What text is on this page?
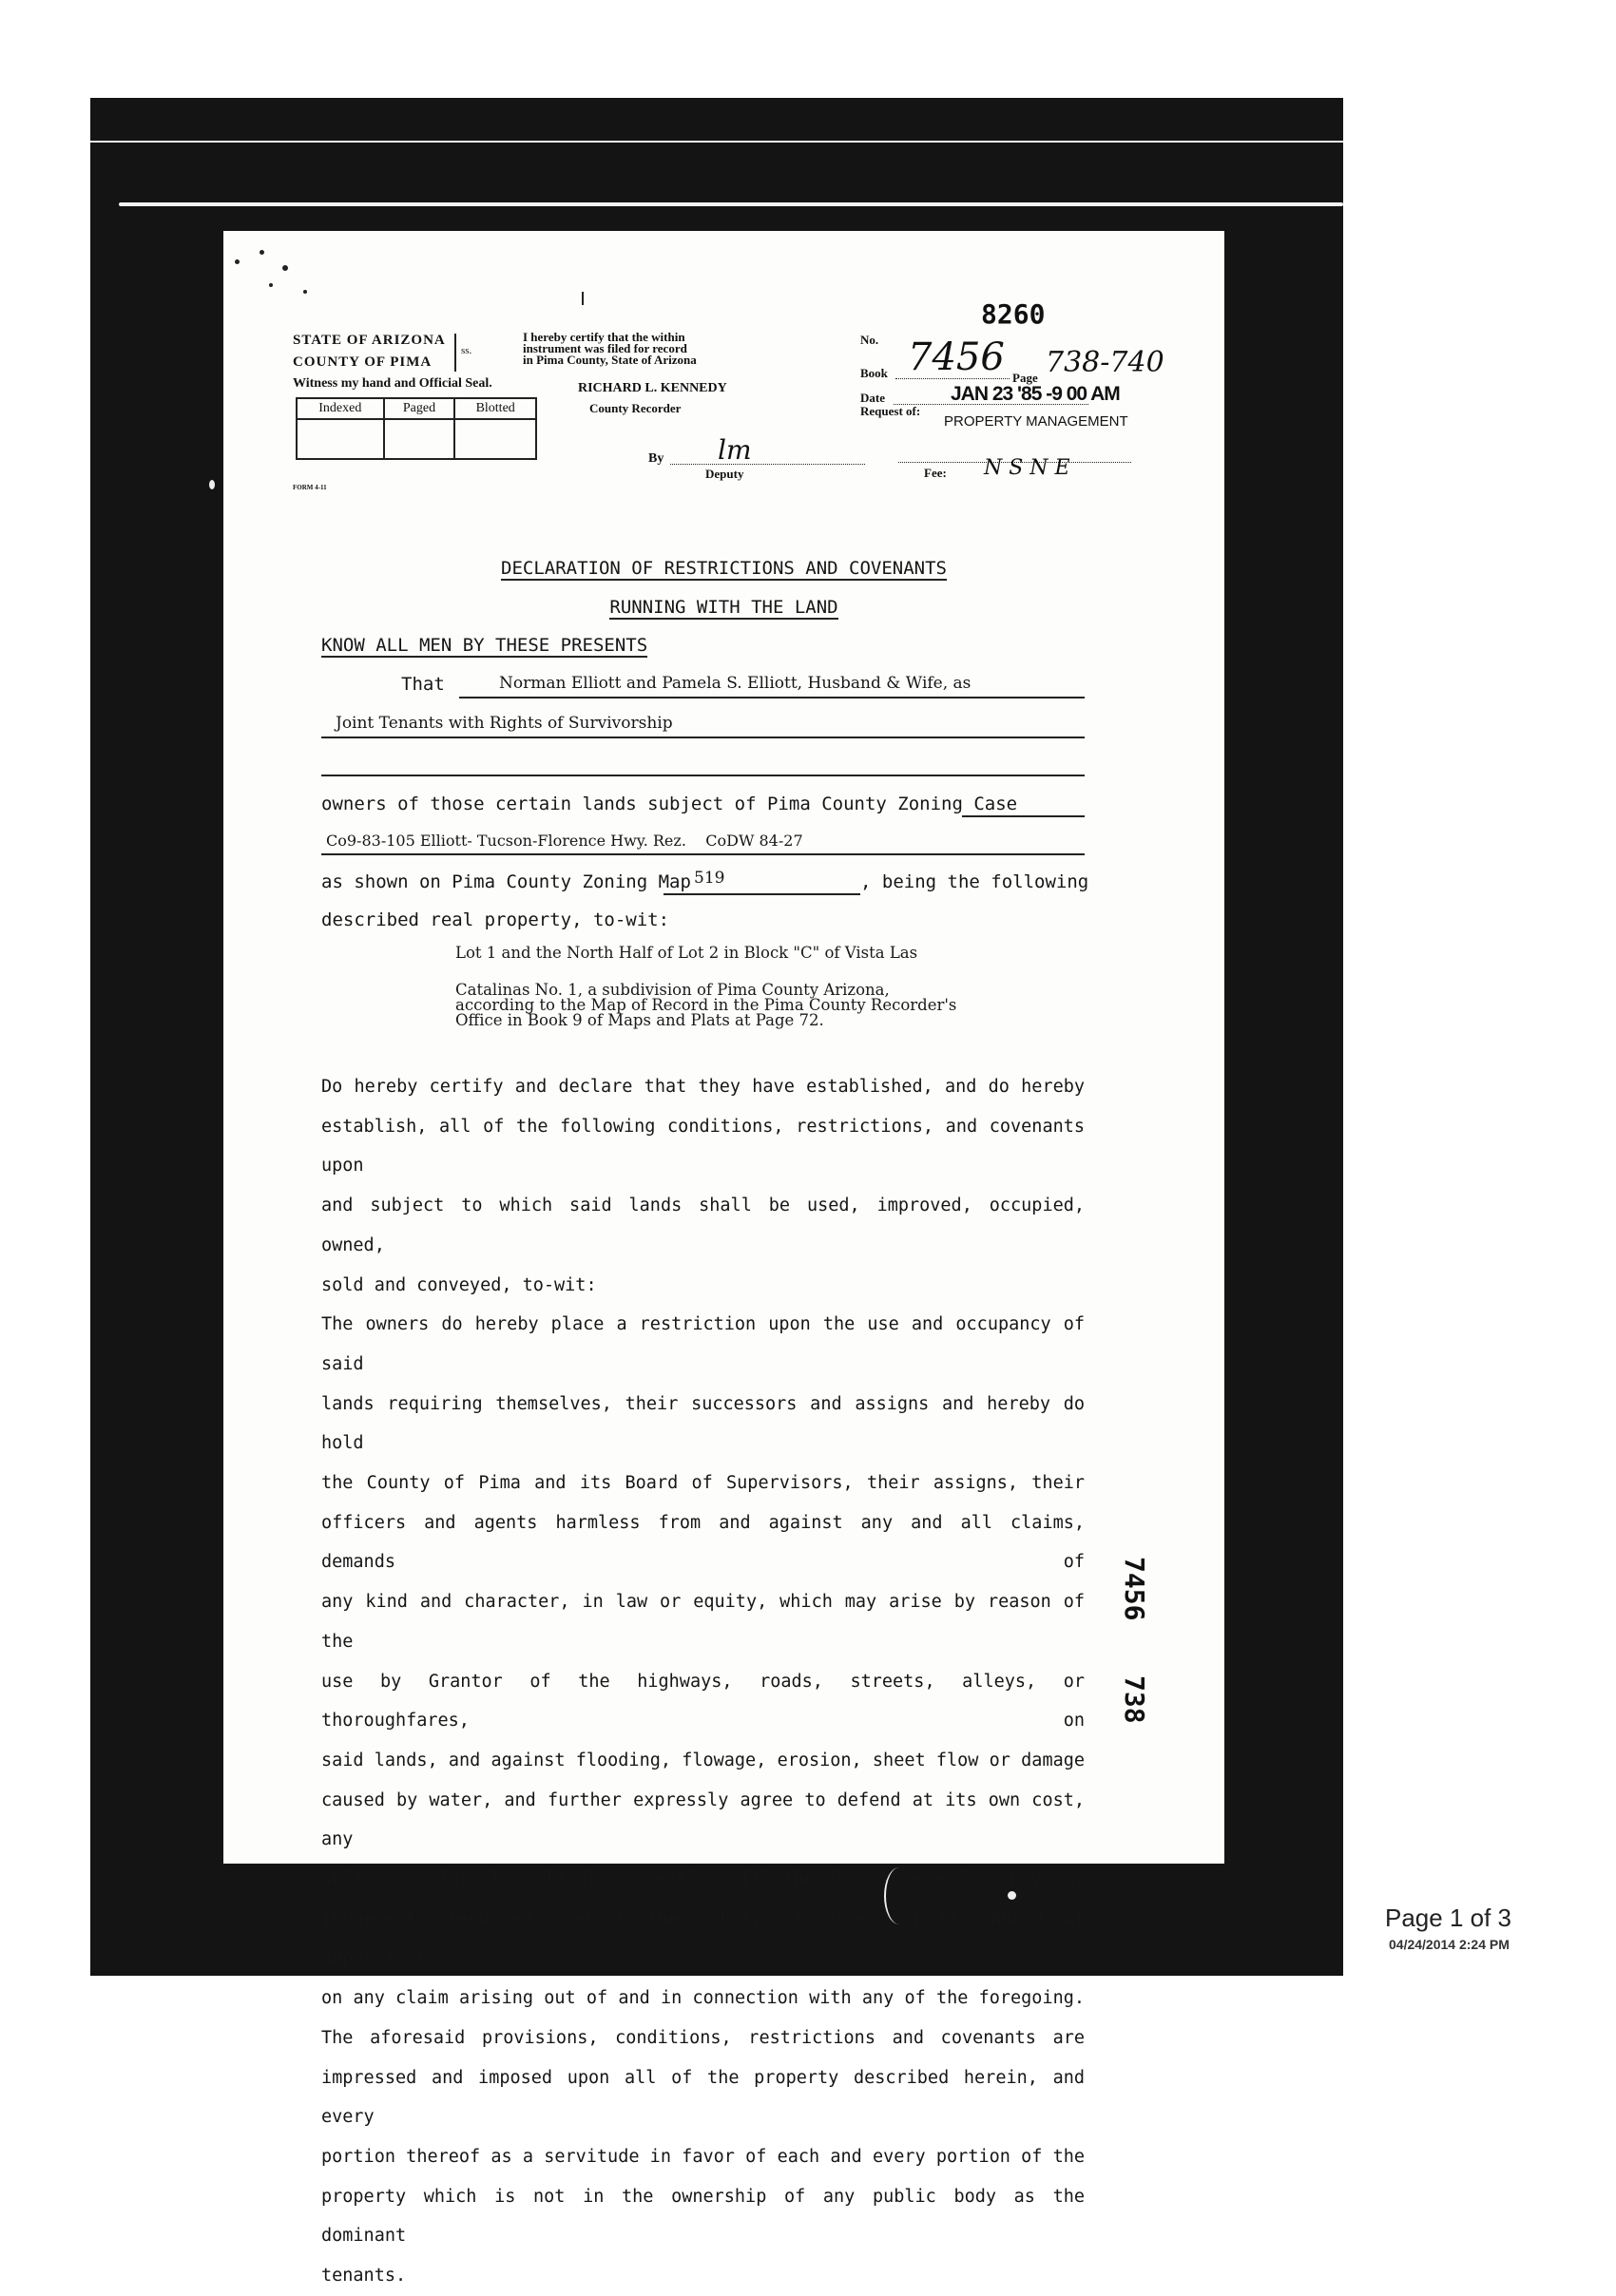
STATE OF ARIZONA
COUNTY OF PIMA
ss.
Witness my hand and Official Seal.
Indexed	Paged	Blotted

FORM 4-11
I hereby certify that the within
instrument was filed for record
in Pima County, State of Arizona
RICHARD L. KENNEDY
County Recorder
By lm
Deputy
8260
No.
Book 7456 Page 738-740
Date	JAN 23 '85 -9 00 AM
Request of:
PROPERTY MANAGEMENT
Fee: N S N E
DECLARATION OF RESTRICTIONS AND COVENANTS
RUNNING WITH THE LAND
KNOW ALL MEN BY THESE PRESENTS
That	Norman Elliott and Pamela S. Elliott, Husband & Wife, as
Joint Tenants with Rights of Survivorship
owners of those certain lands subject of Pima County Zoning Case
Co9-83-105 Elliott- Tucson-Florence Hwy. Rez.    CoDW 84-27
as shown on Pima County Zoning Map 519	, being the following
described real property, to-wit:
Lot 1 and the North Half of Lot 2 in Block "C" of Vista Las
Catalinas No. 1, a subdivision of Pima County Arizona,
according to the Map of Record in the Pima County Recorder's
Office in Book 9 of Maps and Plats at Page 72.
Do hereby certify and declare that they have established, and do hereby
establish, all of the following conditions, restrictions, and covenants upon
and subject to which said lands shall be used, improved, occupied, owned,
sold and conveyed, to-wit:
The owners do hereby place a restriction upon the use and occupancy of said
lands requiring themselves, their successors and assigns and hereby do hold
the County of Pima and its Board of Supervisors, their assigns, their
officers and agents harmless from and against any and all claims, demands of
any kind and character, in law or equity, which may arise by reason of the
use by Grantor of the highways, roads, streets, alleys, or thoroughfares, on
said lands, and against flooding, flowage, erosion, sheet flow or damage
caused by water, and further expressly agree to defend at its own cost, any
suit or actions brought in connection with the above use and to pay any
judgements rendered against the County of Pima and its Board of Supervisors
on any claim arising out of and in connection with any of the foregoing.
The aforesaid provisions, conditions, restrictions and covenants are
impressed and imposed upon all of the property described herein, and every
portion thereof as a servitude in favor of each and every portion of the
property which is not in the ownership of any public body as the dominant
tenants.
7456
738
Page 1 of 3
04/24/2014 2:24 PM
